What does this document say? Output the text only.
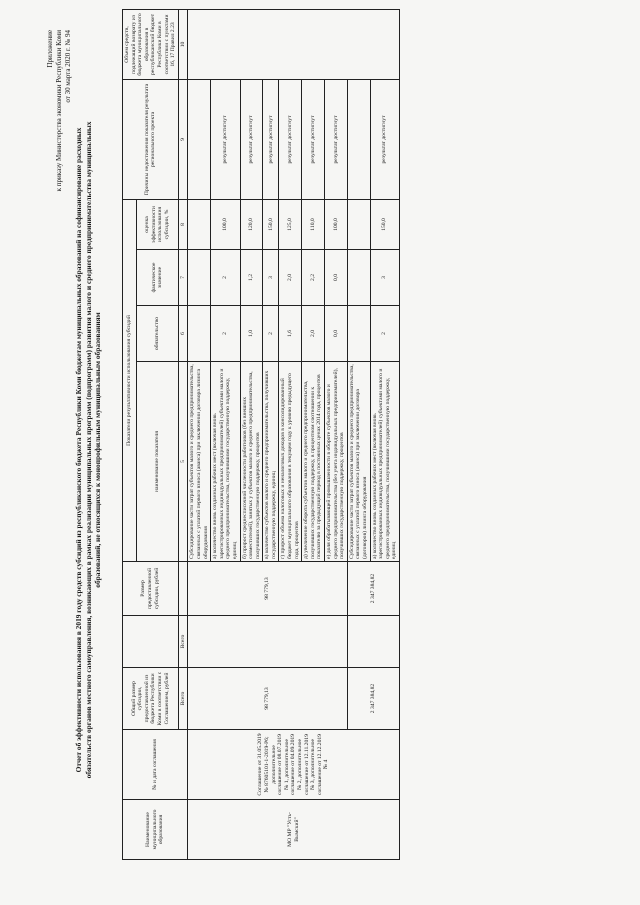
Приложение к приказу Министерства экономики Республики Коми от 30 марта 2020 г. № 94
Отчет об эффективности использования в 2019 году средств субсидий из республиканского бюджета Республики Коми бюджетам муниципальных образований на софинансирование расходных обязательств органов местного самоуправления, возникающих в рамках реализации муниципальных программ (подпрограмм) развития малого и среднего предпринимательства муниципальных образований, не относящихся к монопрофильным муниципальным образованиям
Наименование муниципального образования	№ и дата соглашения	Общий размер субсидии, предоставленной из бюджета Республики Коми в соответствии с Соглашением, рублей		Размер предоставленной субсидии, рублей	Показатели результативности использования субсидий				Причины недостижения показателя результата регионального проекта	Объем средств, подлежащий возврату из бюджета муниципального образования в республиканский бюджет Республики Коми в соответствии с пунктами 16, 17 Правил 2.23
					наименование показателя	обязательство	фактическое значение	оценка эффективности использования субсидии, %		
		Всего	Всего		5	6	7	8	9	10
МО МР "Усть-Вымский"	Соглашение от 31.05.2019 № 87605101-1-2019-Р6; дополнительное соглашение от 08.07.2019 № 1, дополнительное соглашение от 04.09.2019 № 2, дополнительное соглашение от 12.11.2019 № 3, дополнительное соглашение от 12.12.2019 № 4	98 779,13		98 779,13	Субсидирование части затрат субъектов малого и среднего предпринимательства, связанных с уплатой первого взноса (аванса) при заключении договора лизинга оборудования					
					а) количество вновь созданных рабочих мест (включая вновь зарегистрированных индивидуальных предпринимателей) субъектами малого и среднего предпринимательства, получившими государственную поддержку, единиц	2	2	100,0	результат достигнут	
					б) прирост среднесписочной численности работников (без внешних совместителей), занятых у субъектов малого и среднего предпринимательства, получивших государственную поддержку, процентов	1,0	1,2	120,0	результат достигнут	
					в) количество субъектов малого и среднего предпринимательства, получивших государственную поддержку, единиц	2	3	150,0	результат достигнут	
					г) прирост объема налоговых и неналоговых доходов в консолидированный бюджет муниципального образования в текущем году к уровню предыдущего года, процентов	1,6	2,0	125,0	результат достигнут	
					д) увеличение оборота субъектов малого и среднего предпринимательства, получивших государственную поддержку, в процентном соотношении к показателю за предыдущий период в постоянных ценах 2014 года, процентов	2,0	2,2	110,0	результат достигнут	
					е) доля обрабатывающей промышленности в обороте субъектов малого и среднего предпринимательства (без учета индивидуальных предпринимателей), получивших государственную поддержку, процентов	0,0	0,0	100,0	результат достигнут	
		2 347 384,82		2 347 384,82	Субсидирование части затрат субъектов малого и среднего предпринимательства, связанных с уплатой первого взноса (аванса) при заключении договора (договоров) лизинга оборудования					
					а) количество вновь созданных рабочих мест (включая вновь зарегистрированных индивидуальных предпринимателей) субъектами малого и среднего предпринимательства, получившими государственную поддержку, единиц	2	3	150,0	результат достигнут	
